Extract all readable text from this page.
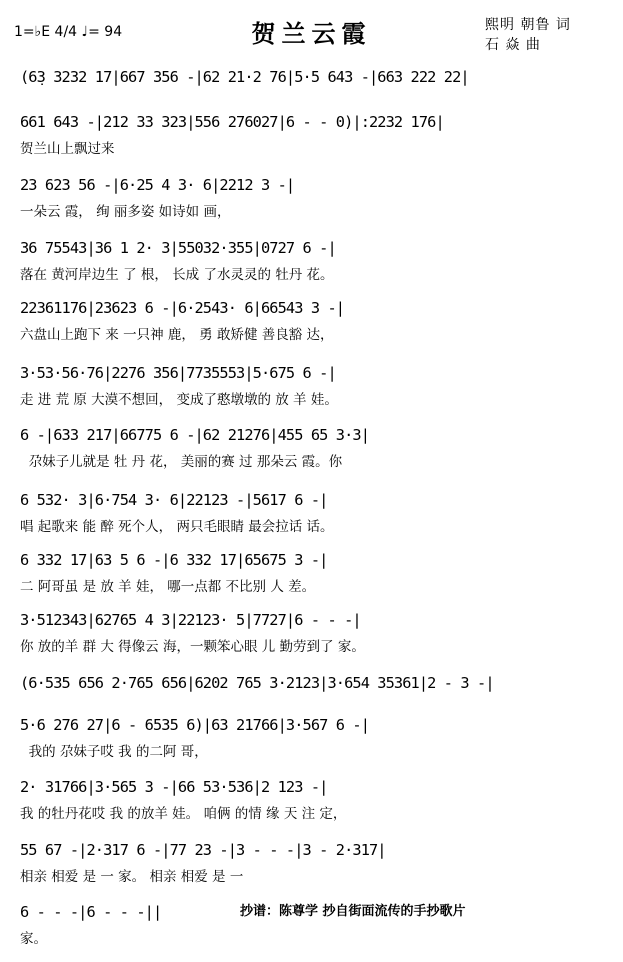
1=♭E 4/4 ♩= 94	贺兰云霞	熙明 朝鲁 词
石 焱 曲
(6̣3 3232 17|667 356 -|62 21·2 76|5·5 643 -|663 222 22|
661 643 -|212 33 323|556 276027|6 - - 0)|:2232 176|
贺兰山上飘过来
23 623 56 -|6·25 4 3· 6|2212 3 -|
一朵云 霞， 绚 丽多姿 如诗如 画，
36 75543|36 1 2· 3|55032·355|0727 6 -|
落在 黄河岸边生 了 根， 长成 了水灵灵的 牡丹 花。
22361176|23623 6 -|6·2543· 6|66543 3 -|
六盘山上跑下 来 一只神 鹿， 勇 敢矫健 善良豁 达，
3·53·56·76|2276 356|7735553|5·675 6 -|
走 进 荒 原 大漠不想回， 变成了憨墩墩的 放 羊 娃。
6 -|633 217|66775 6 -|62 21276|455 65 3·3|
尕妹子儿就是 牡 丹 花， 美丽的赛 过 那朵云 霞。你
6 532· 3|6·754 3· 6|22123 -|5617 6 -|
唱 起歌来 能 醉 死个人， 两只毛眼睛 最会拉话 话。
6 332 17|63 5 6 -|6 332 17|65675 3 -|
二 阿哥虽 是 放 羊 娃， 哪一点都 不比别 人 差。
3·512343|62765 4 3|22123· 5|7727|6 - - -|
你 放的羊 群 大 得像云 海，一颗笨心眼 儿 勤劳到了 家。
(6·535 656 2·765 656|6202 765 3·2123|3·654 35361|2 - 3 -|
5·6 276 27|6 - 6535 6)|63 21766|3·567 6 -|
我的 尕妹子哎 我 的二阿 哥，
2· 31766|3·565 3 -|66 53·536|2 123 -|
我 的牡丹花哎 我 的放羊 娃。 咱俩 的情 缘 天 注 定，
55 67 -|2·317 6 -|77 23 -|3 - - -|3 - 2·317|
相亲 相爱 是 一 家。 相亲 相爱 是 一
6 - - -|6 - - -||
家。
抄谱：陈尊学 抄自街面流传的手抄歌片
